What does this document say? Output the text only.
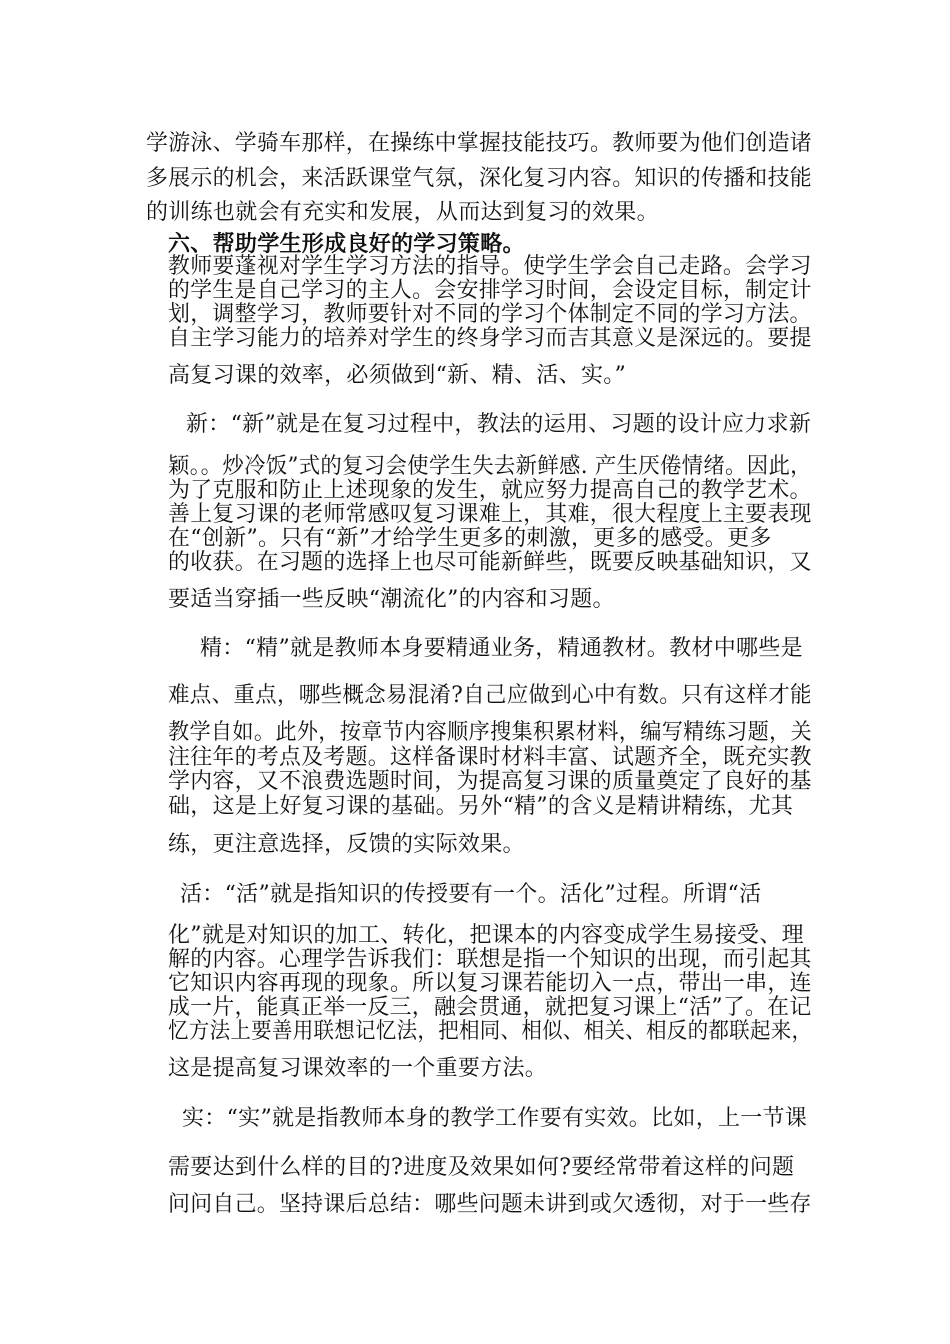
学游泳、学骑车那样，在操练中掌握技能技巧。教师要为他们创造诸
多展示的机会，来活跃课堂气氛，深化复习内容。知识的传播和技能
的训练也就会有充实和发展，从而达到复习的效果。
六、帮助学生形成良好的学习策略。
教师要蓬视对学生学习方法的指导。使学生学会自己走路。会学习
的学生是自己学习的主人。会安排学习时间，会设定目标，制定计
划，调整学习，教师要针对不同的学习个体制定不同的学习方法。
自主学习能力的培养对学生的终身学习而吉其意义是深远的。要提
高复习课的效率，必须做到“新、精、活、实。”
新：“新”就是在复习过程中，教法的运用、习题的设计应力求新
颖。。炒冷饭”式的复习会使学生失去新鲜感. 产生厌倦情绪。因此，
为了克服和防止上述现象的发生，就应努力提高自己的教学艺术。
善上复习课的老师常感叹复习课难上，其难，很大程度上主要表现
在“创新”。只有“新”才给学生更多的刺激，更多的感受。更多
的收获。在习题的选择上也尽可能新鲜些，既要反映基础知识，又
要适当穿插一些反映“潮流化”的内容和习题。
精：“精”就是教师本身要精通业务，精通教材。教材中哪些是
难点、重点，哪些概念易混淆?自己应做到心中有数。只有这样才能
教学自如。此外，按章节内容顺序搜集积累材料，编写精练习题，关
注往年的考点及考题。这样备课时材料丰富、试题齐全，既充实教
学内容，又不浪费选题时间，为提高复习课的质量奠定了良好的基
础，这是上好复习课的基础。另外“精”的含义是精讲精练，尤其
练，更注意选择，反馈的实际效果。
活：“活”就是指知识的传授要有一个。活化”过程。所谓“活
化”就是对知识的加工、转化，把课本的内容变成学生易接受、理
解的内容。心理学告诉我们：联想是指一个知识的出现，而引起其
它知识内容再现的现象。所以复习课若能切入一点，带出一串，连
成一片，能真正举一反三，融会贯通，就把复习课上“活”了。在记
忆方法上要善用联想记忆法，把相同、相似、相关、相反的都联起来，
这是提高复习课效率的一个重要方法。
实：“实”就是指教师本身的教学工作要有实效。比如，上一节课
需要达到什么样的目的?进度及效果如何?要经常带着这样的问题
问问自己。坚持课后总结：哪些问题未讲到或欠透彻，对于一些存
